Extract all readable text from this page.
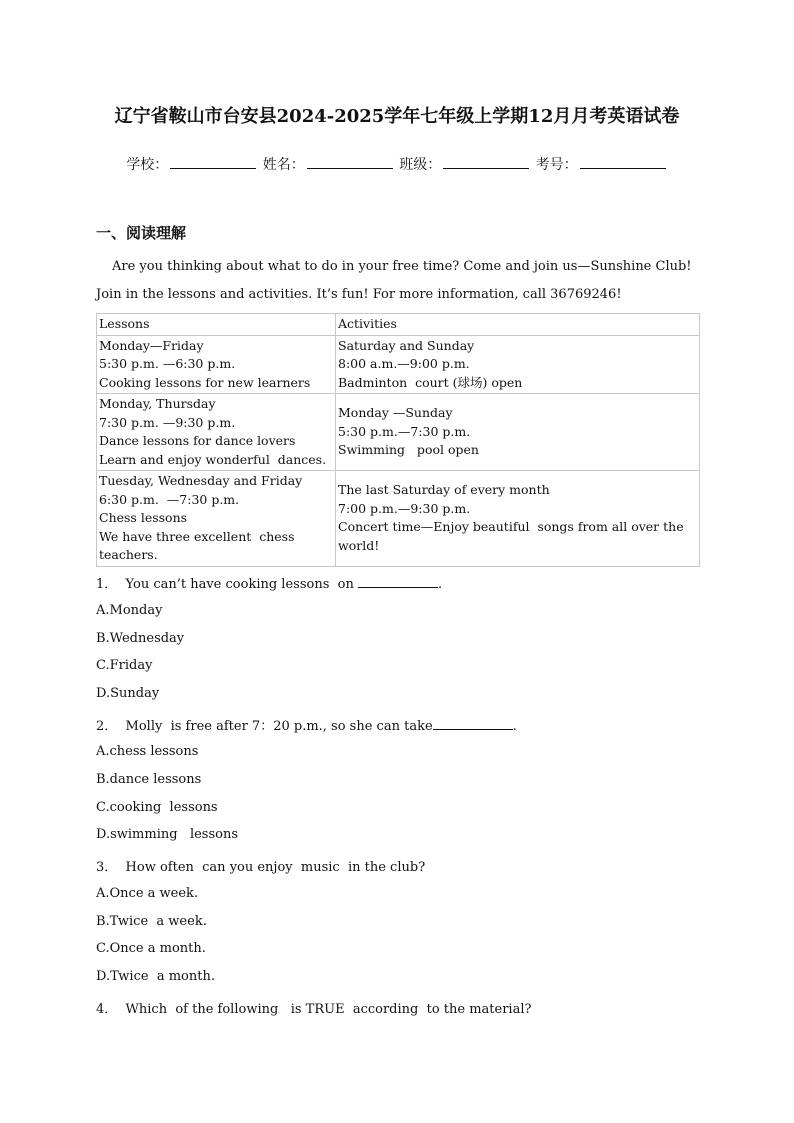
辽宁省鞍山市台安县2024-2025学年七年级上学期12月月考英语试卷
学校：	姓名：	班级：	考号：
一、阅读理解
Are you thinking about what to do in your free time? Come and join us—Sunshine Club!
Join in the lessons and activities. It’s fun! For more information, call 36769246!
Lessons	Activities

Monday—Friday
5:30 p.m. —6:30 p.m.
Cooking lessons for new learners	Saturday and Sunday
8:00 a.m.—9:00 p.m.
Badminton  court (球场) open

Monday, Thursday
7:30 p.m. —9:30 p.m.
Dance lessons for dance lovers
Learn and enjoy wonderful  dances.	Monday —Sunday
5:30 p.m.—7:30 p.m.
Swimming   pool open

Tuesday, Wednesday and Friday
6:30 p.m.  —7:30 p.m.
Chess lessons
We have three excellent  chess
teachers.	The last Saturday of every month
7:00 p.m.—9:30 p.m.
Concert time—Enjoy beautiful  songs from all over the
world!
1．  You can’t have cooking lessons  on	.
A.Monday
B.Wednesday
C.Friday
D.Sunday
2．  Molly  is free after 7：20 p.m., so she can take	.
A.chess lessons
B.dance lessons
C.cooking  lessons
D.swimming   lessons
3．  How often  can you enjoy  music  in the club?
A.Once a week.
B.Twice  a week.
C.Once a month.
D.Twice  a month.
4．  Which  of the following   is TRUE  according  to the material?
